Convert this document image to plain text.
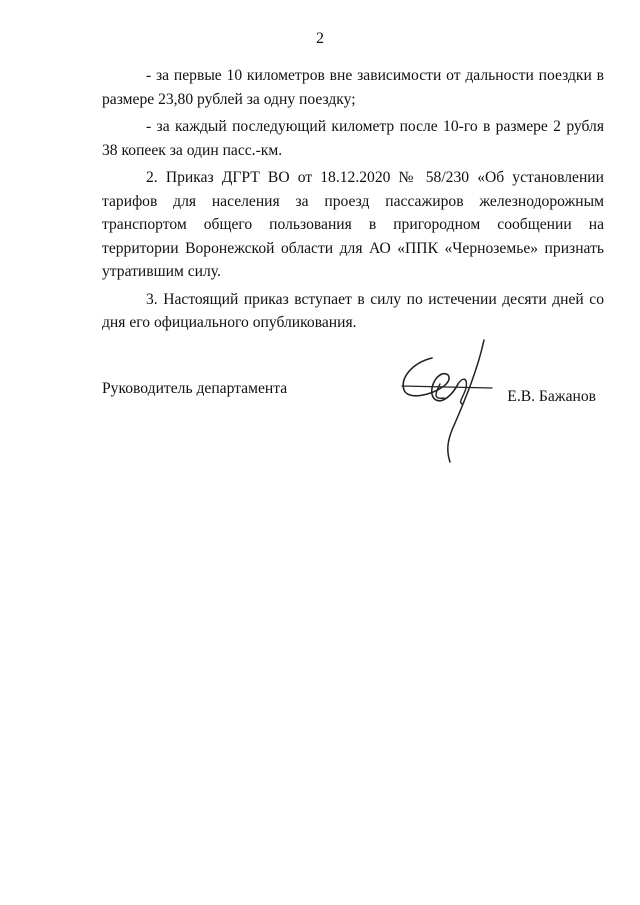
2

- за первые 10 километров вне зависимости от дальности поездки в размере 23,80 рублей за одну поездку;

- за каждый последующий километр после 10-го в размере 2 рубля 38 копеек за один пасс.-км.

2. Приказ ДГРТ ВО от 18.12.2020 № 58/230 «Об установлении тарифов для населения за проезд пассажиров железнодорожным транспортом общего пользования в пригородном сообщении на территории Воронежской области для АО «ППК «Черноземье» признать утратившим силу.

3. Настоящий приказ вступает в силу по истечении десяти дней со дня его официального опубликования.

Руководитель департамента	Е.В. Бажанов
